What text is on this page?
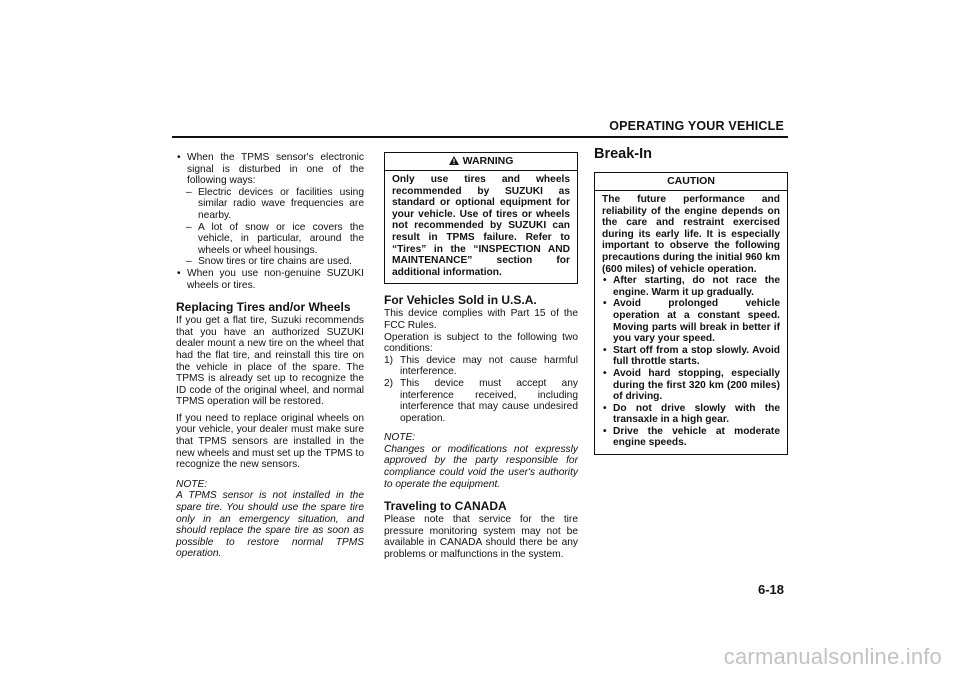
OPERATING YOUR VEHICLE
• When the TPMS sensor's electronic signal is disturbed in one of the following ways:
– Electric devices or facilities using similar radio wave frequencies are nearby.
– A lot of snow or ice covers the vehicle, in particular, around the wheels or wheel housings.
– Snow tires or tire chains are used.
• When you use non-genuine SUZUKI wheels or tires.
Replacing Tires and/or Wheels

If you get a flat tire, Suzuki recommends that you have an authorized SUZUKI dealer mount a new tire on the wheel that had the flat tire, and reinstall this tire on the vehicle in place of the spare. The TPMS is already set up to recognize the ID code of the original wheel, and normal TPMS operation will be restored.

If you need to replace original wheels on your vehicle, your dealer must make sure that TPMS sensors are installed in the new wheels and must set up the TPMS to recognize the new sensors.

NOTE:
A TPMS sensor is not installed in the spare tire. You should use the spare tire only in an emergency situation, and should replace the spare tire as soon as possible to restore normal TPMS operation.
WARNING
Only use tires and wheels recommended by SUZUKI as standard or optional equipment for your vehicle. Use of tires or wheels not recommended by SUZUKI can result in TPMS failure. Refer to “Tires” in the “INSPECTION AND MAINTENANCE” section for additional information.
For Vehicles Sold in U.S.A.

This device complies with Part 15 of the FCC Rules.

Operation is subject to the following two conditions:

1) This device may not cause harmful interference.
2) This device must accept any interference received, including interference that may cause undesired operation.
NOTE:
Changes or modifications not expressly approved by the party responsible for compliance could void the user's authority to operate the equipment.
Traveling to CANADA

Please note that service for the tire pressure monitoring system may not be available in CANADA should there be any problems or malfunctions in the system.

Break-In
CAUTION
The future performance and reliability of the engine depends on the care and restraint exercised during its early life. It is especially important to observe the following precautions during the initial 960 km (600 miles) of vehicle operation.
• After starting, do not race the engine. Warm it up gradually.
• Avoid prolonged vehicle operation at a constant speed. Moving parts will break in better if you vary your speed.
• Start off from a stop slowly. Avoid full throttle starts.
• Avoid hard stopping, especially during the first 320 km (200 miles) of driving.
• Do not drive slowly with the transaxle in a high gear.
• Drive the vehicle at moderate engine speeds.
6-18
carmanualsonline.info
